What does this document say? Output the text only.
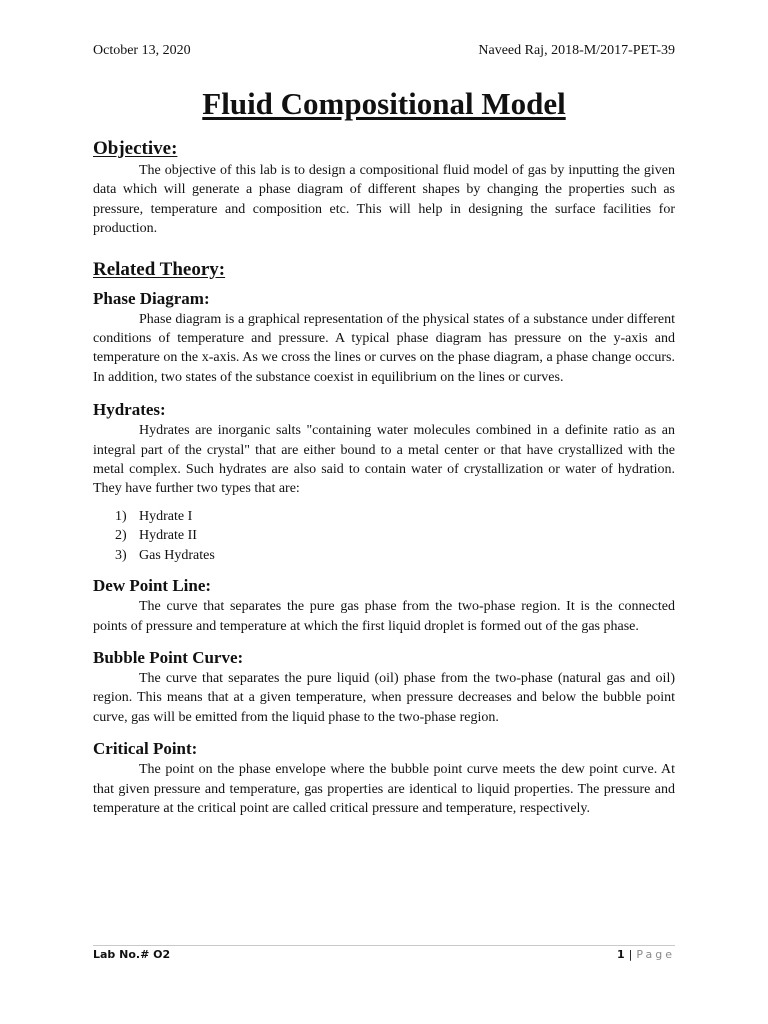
October 13, 2020	Naveed Raj, 2018-M/2017-PET-39
Fluid Compositional Model
Objective:

The objective of this lab is to design a compositional fluid model of gas by inputting the given data which will generate a phase diagram of different shapes by changing the properties such as pressure, temperature and composition etc. This will help in designing the surface facilities for production.

Related Theory:
Phase Diagram:

Phase diagram is a graphical representation of the physical states of a substance under different conditions of temperature and pressure. A typical phase diagram has pressure on the y-axis and temperature on the x-axis. As we cross the lines or curves on the phase diagram, a phase change occurs. In addition, two states of the substance coexist in equilibrium on the lines or curves.

Hydrates:

Hydrates are inorganic salts "containing water molecules combined in a definite ratio as an integral part of the crystal" that are either bound to a metal center or that have crystallized with the metal complex. Such hydrates are also said to contain water of crystallization or water of hydration. They have further two types that are:

1) Hydrate I
2) Hydrate II
3) Gas Hydrates
Dew Point Line:

The curve that separates the pure gas phase from the two-phase region. It is the connected points of pressure and temperature at which the first liquid droplet is formed out of the gas phase.

Bubble Point Curve:

The curve that separates the pure liquid (oil) phase from the two-phase (natural gas and oil) region. This means that at a given temperature, when pressure decreases and below the bubble point curve, gas will be emitted from the liquid phase to the two-phase region.

Critical Point:

The point on the phase envelope where the bubble point curve meets the dew point curve. At that given pressure and temperature, gas properties are identical to liquid properties. The pressure and temperature at the critical point are called critical pressure and temperature, respectively.

Lab No.# O2	1 | Page
